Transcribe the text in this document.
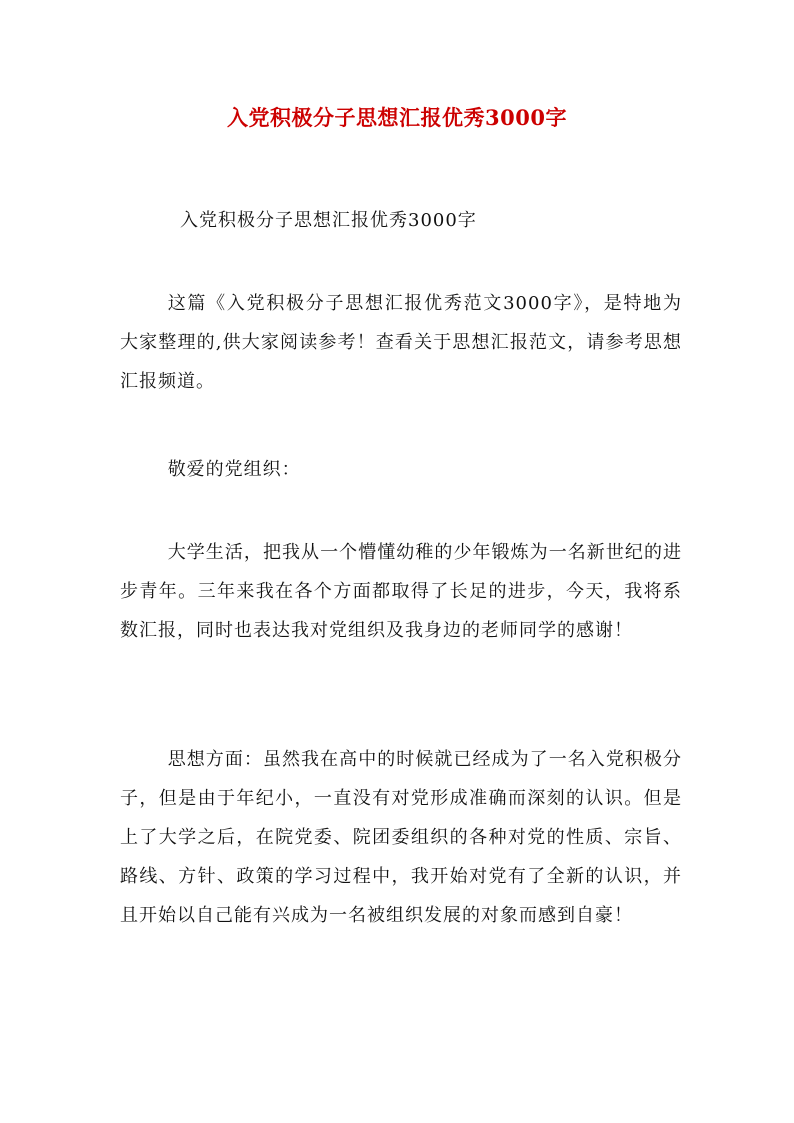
入党积极分子思想汇报优秀3000字
入党积极分子思想汇报优秀3000字

这篇《入党积极分子思想汇报优秀范文3000字》，是特地为大家整理的,供大家阅读参考！查看关于思想汇报范文，请参考思想汇报频道。

敬爱的党组织：

大学生活，把我从一个懵懂幼稚的少年锻炼为一名新世纪的进步青年。三年来我在各个方面都取得了长足的进步，今天，我将系数汇报，同时也表达我对党组织及我身边的老师同学的感谢！

思想方面：虽然我在高中的时候就已经成为了一名入党积极分子，但是由于年纪小，一直没有对党形成准确而深刻的认识。但是上了大学之后，在院党委、院团委组织的各种对党的性质、宗旨、路线、方针、政策的学习过程中，我开始对党有了全新的认识，并且开始以自己能有兴成为一名被组织发展的对象而感到自豪！
